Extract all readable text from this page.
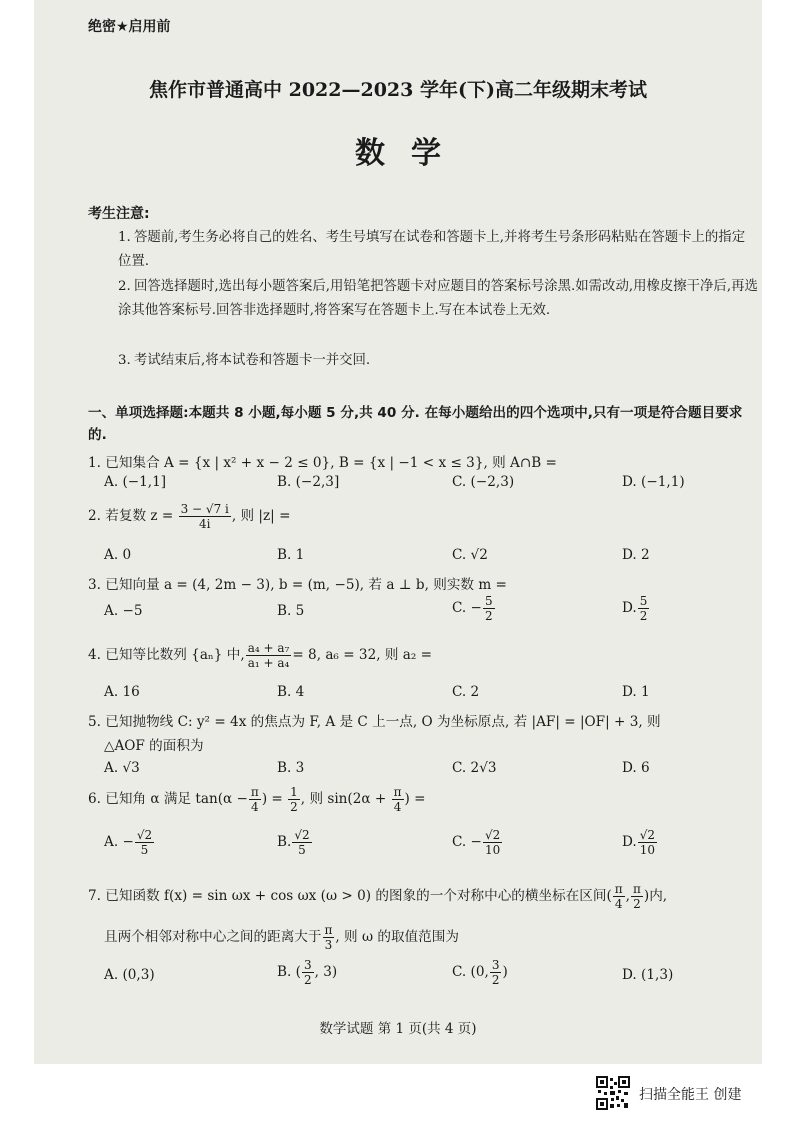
绝密★启用前
焦作市普通高中 2022—2023 学年(下)高二年级期末考试
数学
考生注意:
1. 答题前,考生务必将自己的姓名、考生号填写在试卷和答题卡上,并将考生号条形码粘贴在答题卡上的指定位置.
2. 回答选择题时,选出每小题答案后,用铅笔把答题卡对应题目的答案标号涂黑.如需改动,用橡皮擦干净后,再选涂其他答案标号.回答非选择题时,将答案写在答题卡上.写在本试卷上无效.
3. 考试结束后,将本试卷和答题卡一并交回.
一、单项选择题:本题共 8 小题,每小题 5 分,共 40 分. 在每小题给出的四个选项中,只有一项是符合题目要求的.
1. 已知集合 A = {x | x² + x − 2 ≤ 0}, B = {x | −1 < x ≤ 3}, 则 A∩B =
A. (−1,1]	B. (−2,3]	C. (−2,3)	D. (−1,1)
2. 若复数 $z = \frac{3 - √7 i}{4i}$ , 则 |z| =
A. 0	B. 1	C. √2	D. 2
3. 已知向量 a = (4, 2m − 3), b = (m, −5), 若 a ⊥ b, 则实数 m =
A. −5	B. 5	C. − $\frac{5}{2}$	D. $\frac{5}{2}$
4. 已知等比数列 {aₙ} 中, $\frac{\text{a₄ + a₇}}{\text{a₁ + a₄}} = 8$, a₆ = 32, 则 a₂ =
A. 16	B. 4	C. 2	D. 1
5. 已知抛物线 C: y² = 4x 的焦点为 F, A 是 C 上一点, O 为坐标原点, 若 |AF| = |OF| + 3, 则
△AOF 的面积为
A. √3	B. 3	C. 2√3	D. 6
6. 已知角 α 满足 $\tan(\alpha - \frac{\pi}{4}$ ) = $\frac{1}{2}$ , 则 $\sin(2\alpha + \frac{\pi}{4}$ ) =
A. − $\frac{√2}{5}$	B. $\frac{√2}{5}$	C. − $\frac{√2}{10}$	D. $\frac{√2}{10}$
7. 已知函数 f(x) = sin ωx + cos ωx (ω > 0) 的图象的一个对称中心的横坐标在区间( $\frac{\pi}{4}$ , $\frac{\pi}{2}$ )内,
且两个相邻对称中心之间的距离大于 $\frac{\pi}{3}$ , 则 ω 的取值范围为
A. (0,3)	B. ( $\frac{3}{2}$ , 3)	C. (0, $\frac{3}{2}$ )	D. (1,3)
数学试题 第 1 页(共 4 页)
扫描全能王 创建
